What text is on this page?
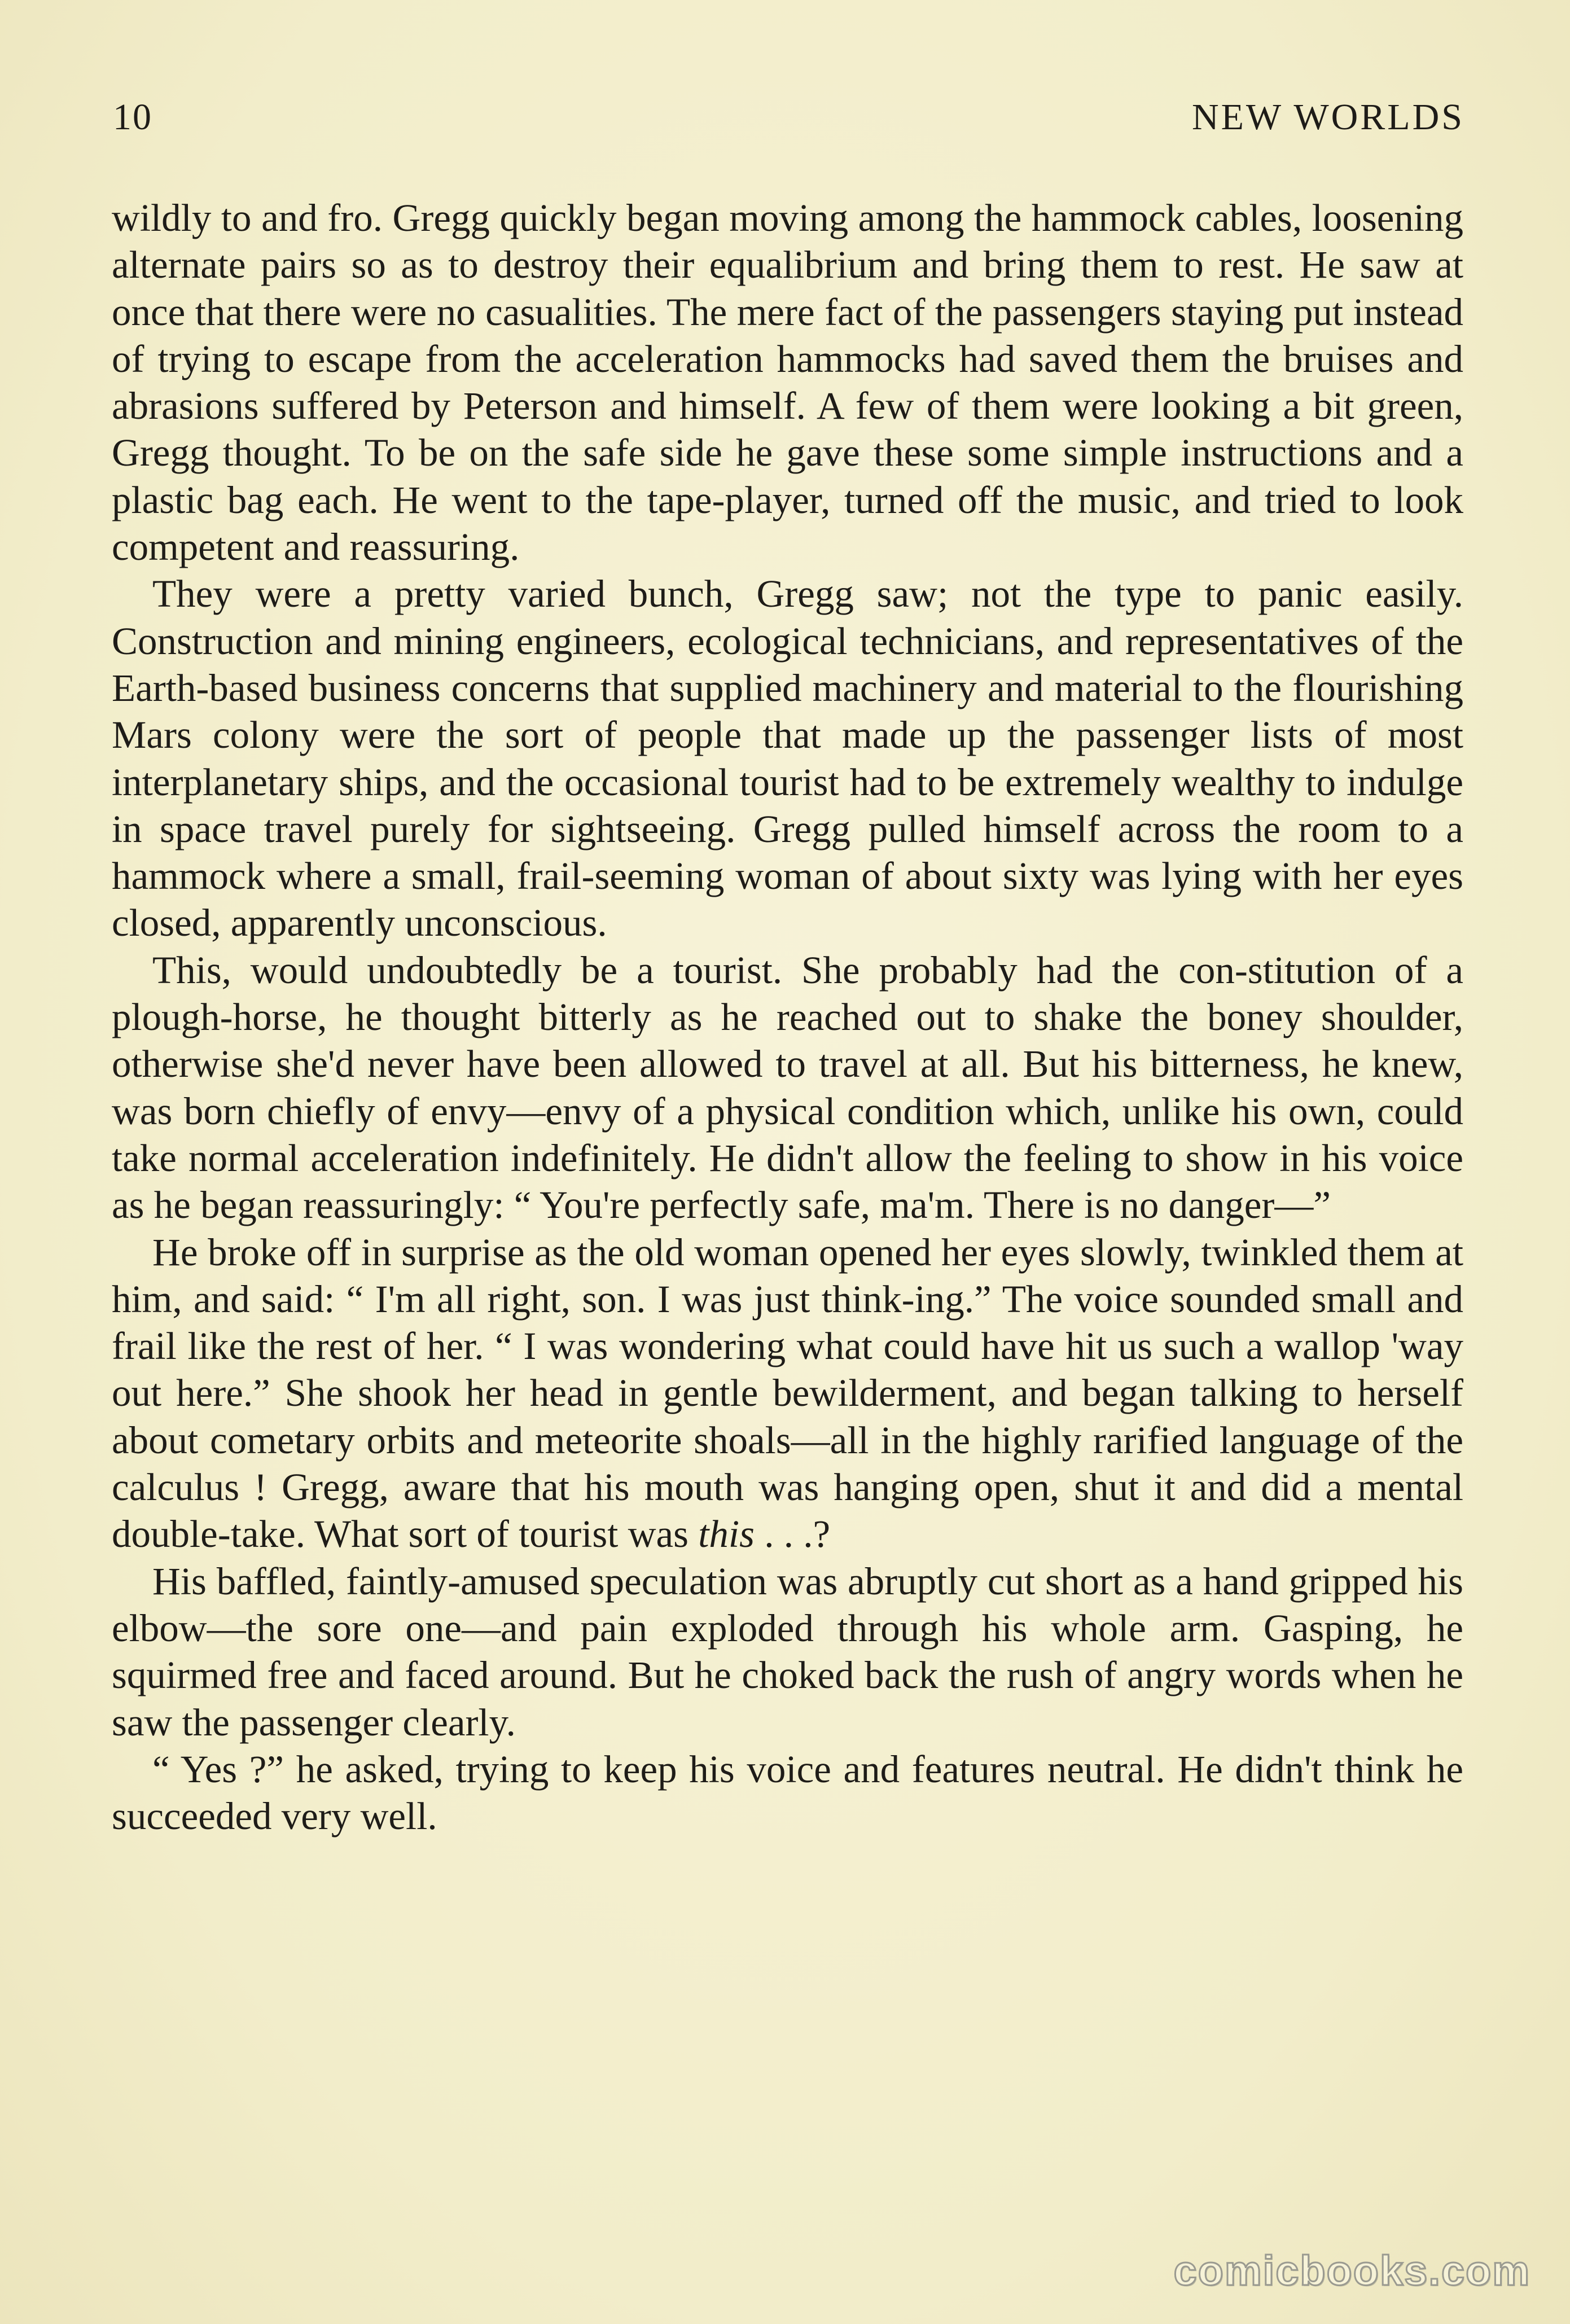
10	NEW WORLDS

wildly to and fro. Gregg quickly began moving among the hammock cables, loosening alternate pairs so as to destroy their equalibrium and bring them to rest. He saw at once that there were no casualities. The mere fact of the passengers staying put instead of trying to escape from the acceleration hammocks had saved them the bruises and abrasions suffered by Peterson and himself. A few of them were looking a bit green, Gregg thought. To be on the safe side he gave these some simple instructions and a plastic bag each. He went to the tape-player, turned off the music, and tried to look competent and reassuring.

They were a pretty varied bunch, Gregg saw; not the type to panic easily. Construction and mining engineers, ecological technicians, and representatives of the Earth-based business concerns that supplied machinery and material to the flourishing Mars colony were the sort of people that made up the passenger lists of most interplanetary ships, and the occasional tourist had to be extremely wealthy to indulge in space travel purely for sightseeing. Gregg pulled himself across the room to a hammock where a small, frail-seeming woman of about sixty was lying with her eyes closed, apparently unconscious.

This, would undoubtedly be a tourist. She probably had the con-stitution of a plough-horse, he thought bitterly as he reached out to shake the boney shoulder, otherwise she'd never have been allowed to travel at all. But his bitterness, he knew, was born chiefly of envy—envy of a physical condition which, unlike his own, could take normal acceleration indefinitely. He didn't allow the feeling to show in his voice as he began reassuringly: “ You're perfectly safe, ma'm. There is no danger—”

He broke off in surprise as the old woman opened her eyes slowly, twinkled them at him, and said: “ I'm all right, son. I was just think-ing.” The voice sounded small and frail like the rest of her. “ I was wondering what could have hit us such a wallop 'way out here.” She shook her head in gentle bewilderment, and began talking to herself about cometary orbits and meteorite shoals—all in the highly rarified language of the calculus ! Gregg, aware that his mouth was hanging open, shut it and did a mental double-take. What sort of tourist was this . . .?

His baffled, faintly-amused speculation was abruptly cut short as a hand gripped his elbow—the sore one—and pain exploded through his whole arm. Gasping, he squirmed free and faced around. But he choked back the rush of angry words when he saw the passenger clearly.

“ Yes ?” he asked, trying to keep his voice and features neutral. He didn't think he succeeded very well.

comicbooks.com
